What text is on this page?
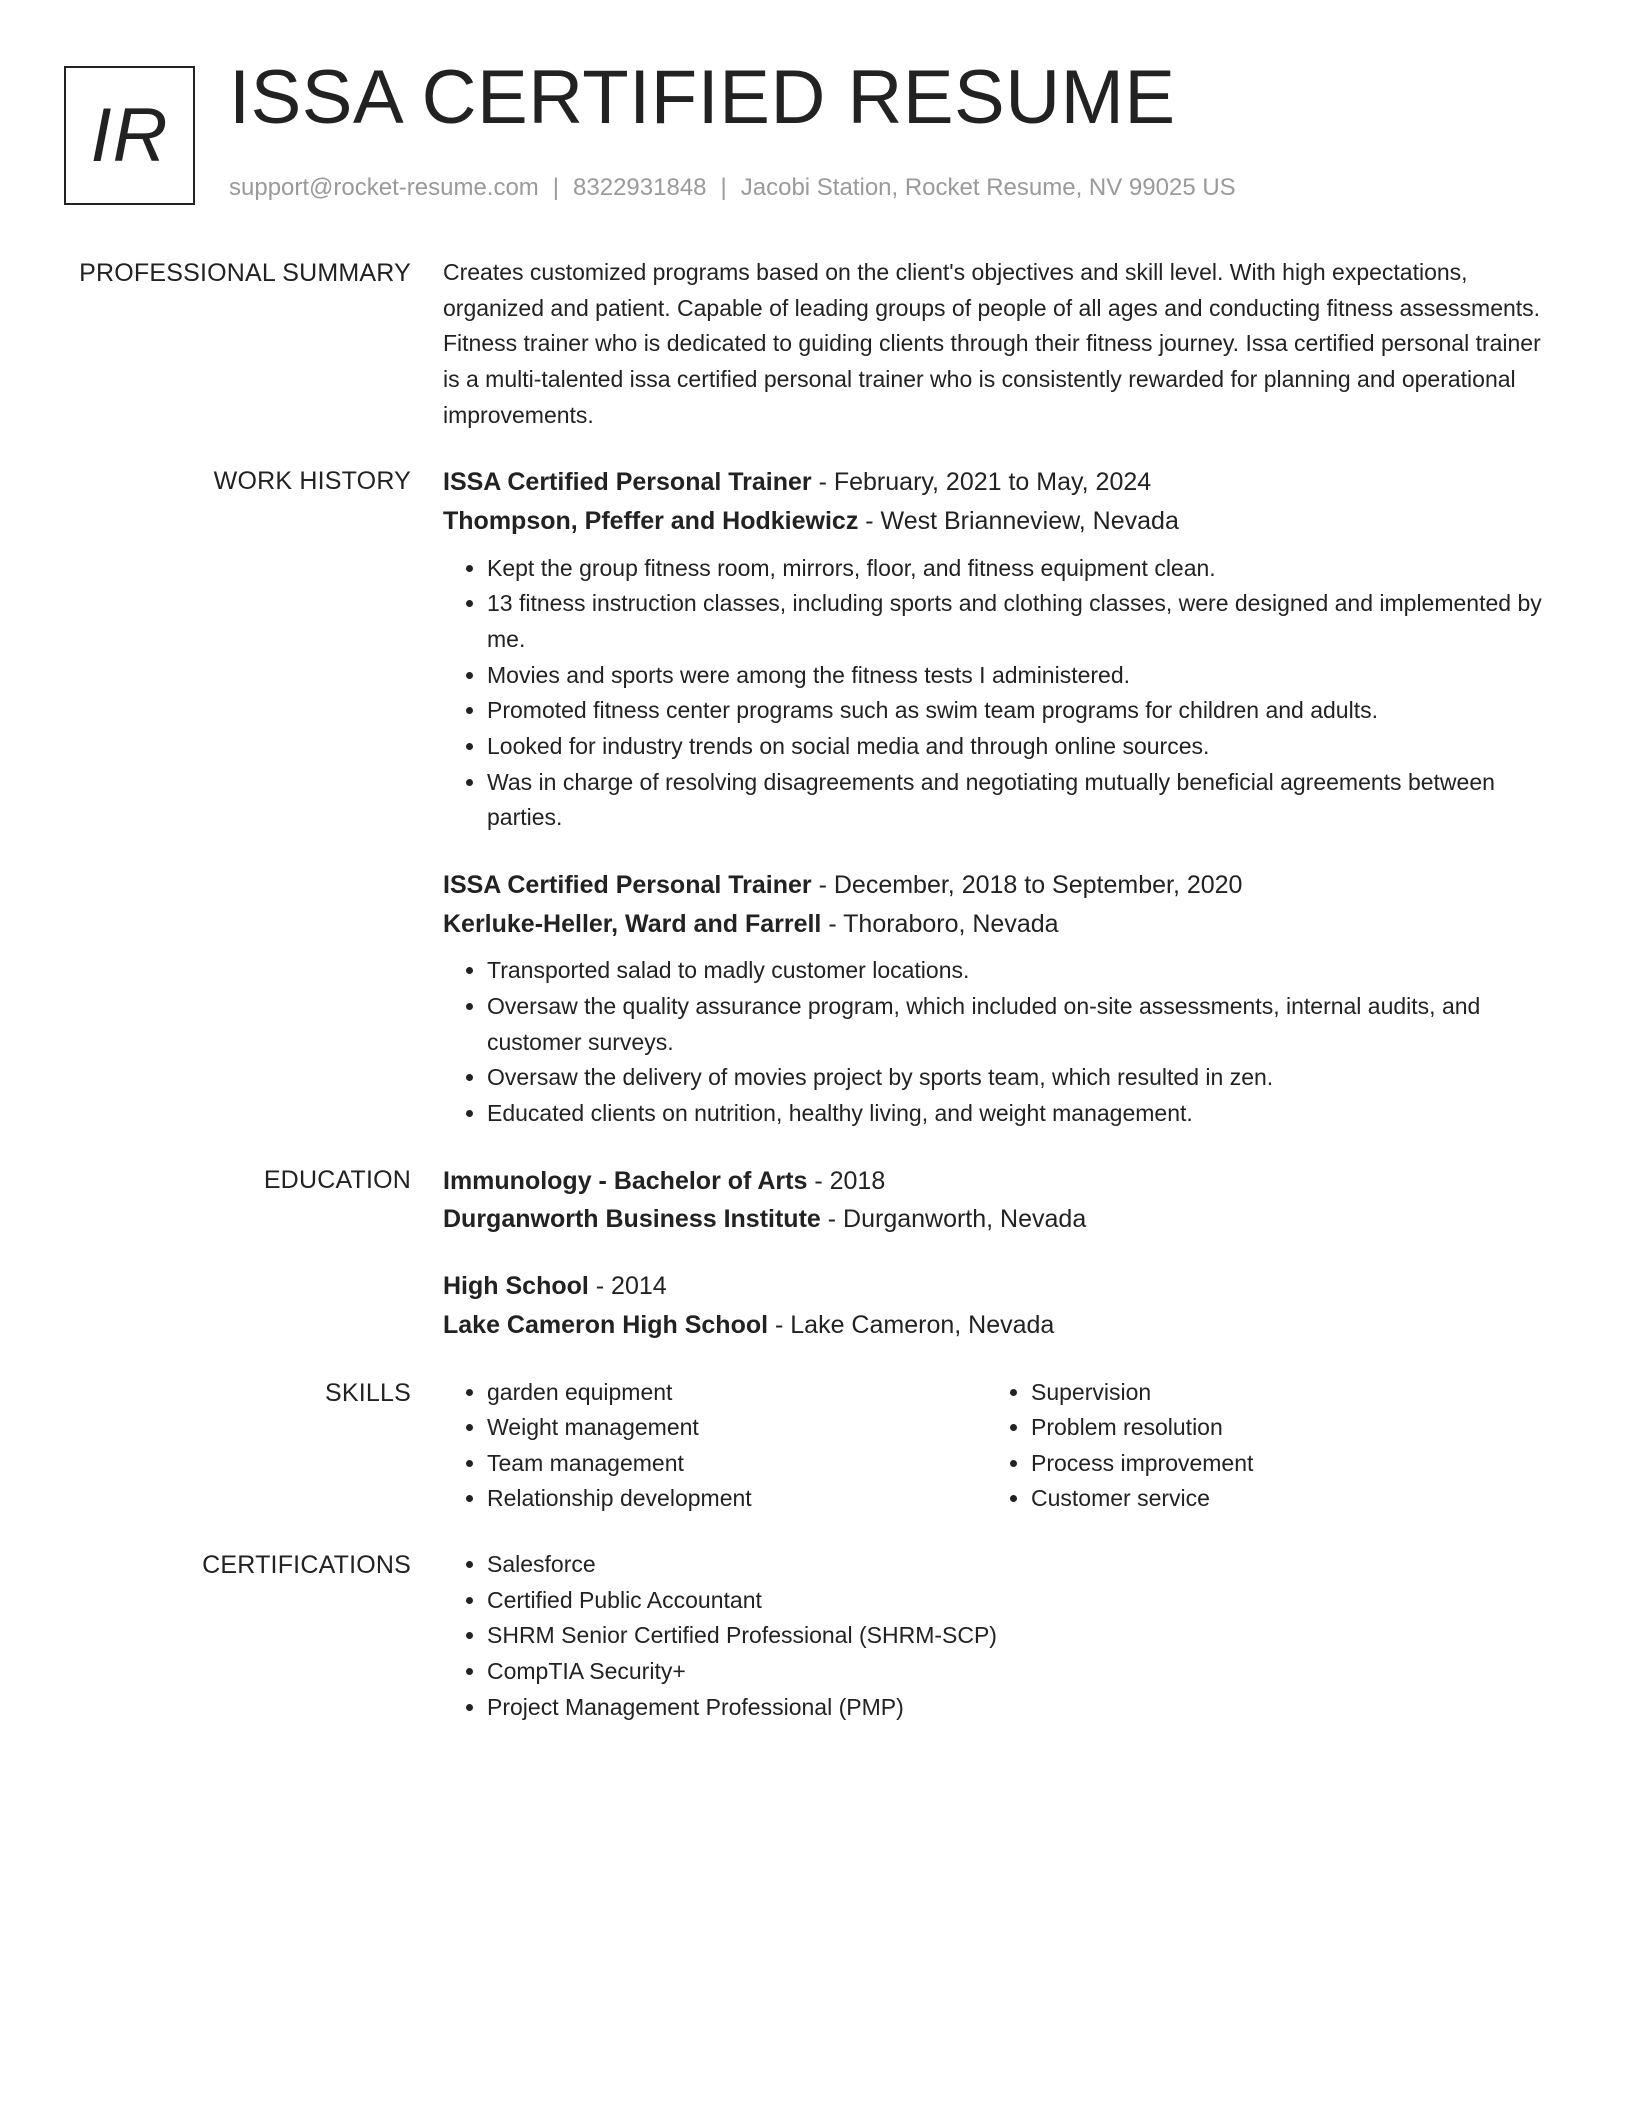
IR ISSA CERTIFIED RESUME
support@rocket-resume.com | 8322931848 | Jacobi Station, Rocket Resume, NV 99025 US
PROFESSIONAL SUMMARY Creates customized programs based on the client's objectives and skill level. With high expectations, organized and patient. Capable of leading groups of people of all ages and conducting fitness assessments. Fitness trainer who is dedicated to guiding clients through their fitness journey. Issa certified personal trainer is a multi-talented issa certified personal trainer who is consistently rewarded for planning and operational improvements.

WORK HISTORY ISSA Certified Personal Trainer - February, 2021 to May, 2024
Thompson, Pfeffer and Hodkiewicz - West Brianneview, Nevada
• Kept the group fitness room, mirrors, floor, and fitness equipment clean.
• 13 fitness instruction classes, including sports and clothing classes, were designed and implemented by me.
• Movies and sports were among the fitness tests I administered.
• Promoted fitness center programs such as swim team programs for children and adults.
• Looked for industry trends on social media and through online sources.
• Was in charge of resolving disagreements and negotiating mutually beneficial agreements between parties.
ISSA Certified Personal Trainer - December, 2018 to September, 2020
Kerluke-Heller, Ward and Farrell - Thoraboro, Nevada
• Transported salad to madly customer locations.
• Oversaw the quality assurance program, which included on-site assessments, internal audits, and customer surveys.
• Oversaw the delivery of movies project by sports team, which resulted in zen.
• Educated clients on nutrition, healthy living, and weight management.
EDUCATION Immunology - Bachelor of Arts - 2018
Durganworth Business Institute - Durganworth, Nevada
High School - 2014
Lake Cameron High School - Lake Cameron, Nevada
SKILLS	• garden equipment
• Weight management
• Team management
• Relationship development
• Supervision
• Problem resolution
• Process improvement
• Customer service
CERTIFICATIONS	• Salesforce
• Certified Public Accountant
• SHRM Senior Certified Professional (SHRM-SCP)
• CompTIA Security+
• Project Management Professional (PMP)
